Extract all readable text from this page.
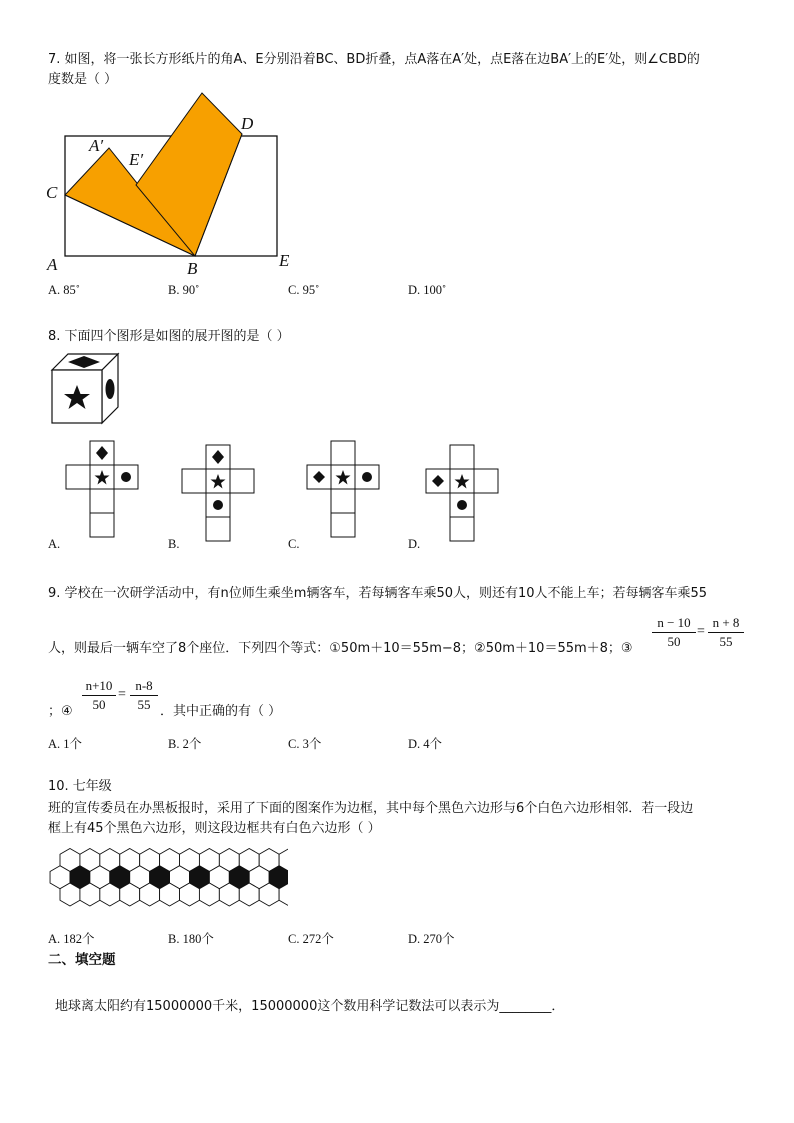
7. 如图，将一张长方形纸片的角A、E分别沿着BC、BD折叠，点A落在A′处，点E落在边BA′上的E′处，则∠CBD的
度数是（ ）
A	B
C
D
E
A′
E′
A. 85˚	B. 90˚	C. 95˚	D. 100˚
8. 下面四个图形是如图的展开图的是（ ）
A.	B.	C.	D.
9. 学校在一次研学活动中，有n位师生乘坐m辆客车，若每辆客车乘50人，则还有10人不能上车；若每辆客车乘55
人，则最后一辆车空了8个座位．下列四个等式：①50m＋10＝55m−8；②50m＋10＝55m＋8；③ $\frac{n - 10}{50} = \frac{n + 8}{55}$
；④ $\frac{n+10}{50} = \frac{n-8}{55}$ ．其中正确的有（ ）
A. 1个	B. 2个	C. 3个	D. 4个
10. 七年级
班的宣传委员在办黑板报时，采用了下面的图案作为边框，其中每个黑色六边形与6个白色六边形相邻．若一段边
框上有45个黑色六边形，则这段边框共有白色六边形（ ）
A. 182个	B. 180个	C. 272个	D. 270个
二、填空题
地球离太阳约有15000000千米，15000000这个数用科学记数法可以表示为________．
